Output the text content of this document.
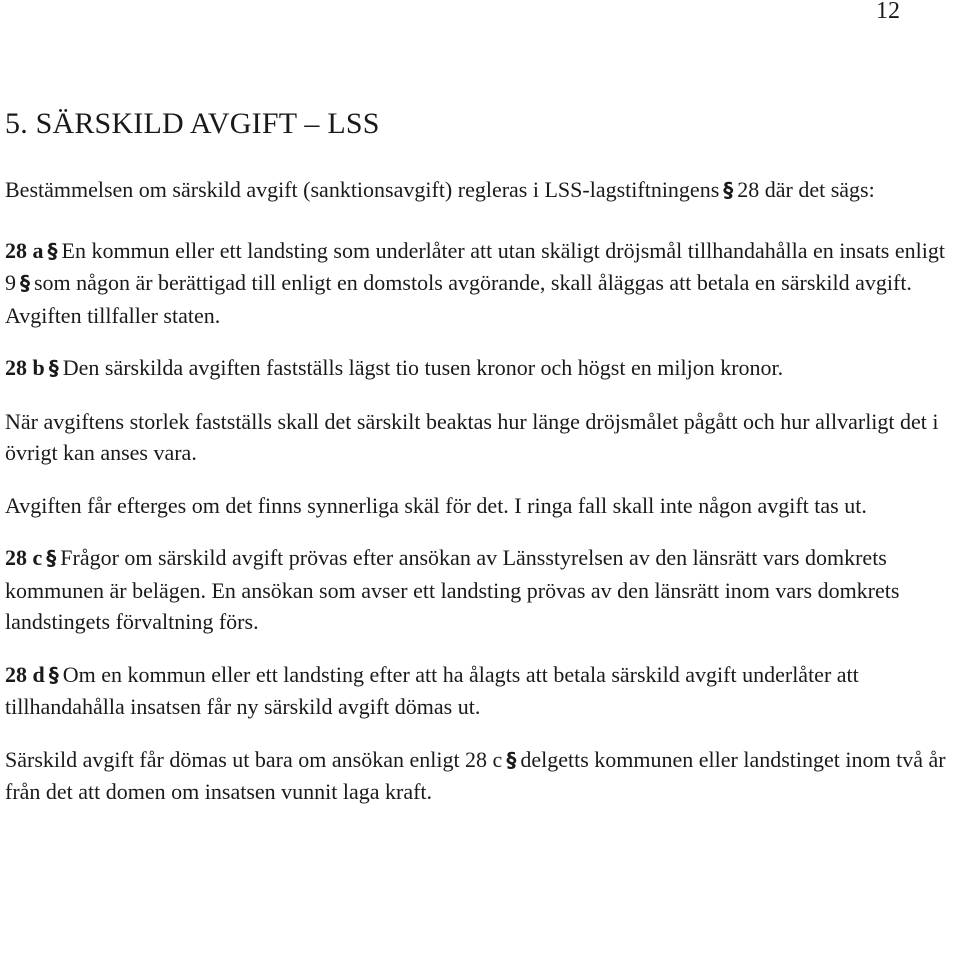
12
5. SÄRSKILD AVGIFT – LSS

Bestämmelsen om särskild avgift (sanktionsavgift) regleras i LSS-lagstiftningens § 28 där det sägs:

28 a § En kommun eller ett landsting som underlåter att utan skäligt dröjsmål tillhandahålla en insats enligt 9 § som någon är berättigad till enligt en domstols avgörande, skall åläggas att betala en särskild avgift. Avgiften tillfaller staten.

28 b § Den särskilda avgiften fastställs lägst tio tusen kronor och högst en miljon kronor.

När avgiftens storlek fastställs skall det särskilt beaktas hur länge dröjsmålet pågått och hur allvarligt det i övrigt kan anses vara.

Avgiften får efterges om det finns synnerliga skäl för det. I ringa fall skall inte någon avgift tas ut.

28 c § Frågor om särskild avgift prövas efter ansökan av Länsstyrelsen av den länsrätt vars domkrets kommunen är belägen. En ansökan som avser ett landsting prövas av den länsrätt inom vars domkrets landstingets förvaltning förs.

28 d § Om en kommun eller ett landsting efter att ha ålagts att betala särskild avgift underlåter att tillhandahålla insatsen får ny särskild avgift dömas ut.

Särskild avgift får dömas ut bara om ansökan enligt 28 c § delgetts kommunen eller landstinget inom två år från det att domen om insatsen vunnit laga kraft.
